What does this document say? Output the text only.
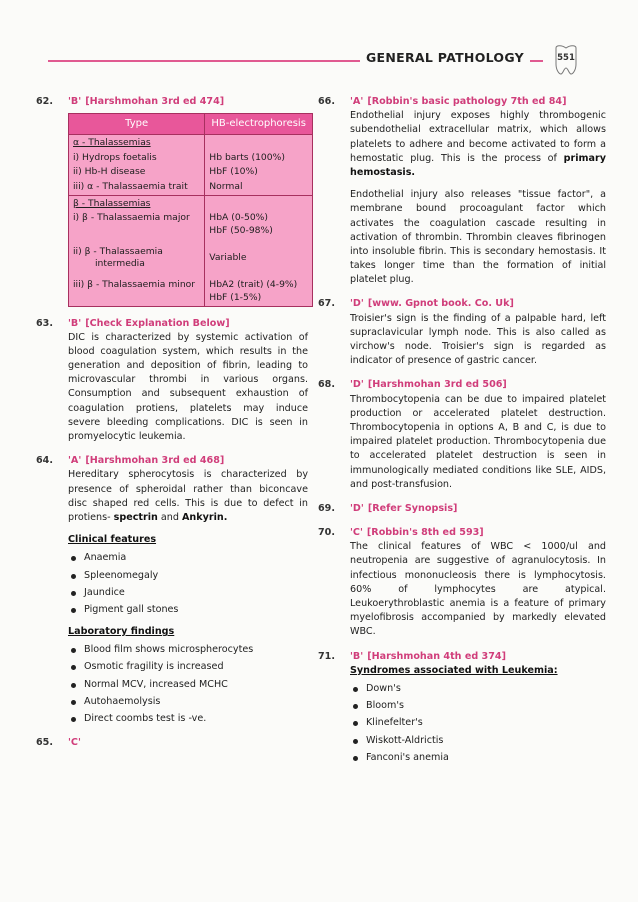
GENERAL PATHOLOGY	551
62.	'B' [Harshmohan 3rd ed 474]
Type	HB-electrophoresis
α - Thalassemias	
i) Hydrops foetalis	Hb barts (100%)
ii) Hb-H disease	HbF (10%)
iii) α - Thalassaemia trait	Normal
β - Thalassemias	
i) β - Thalassaemia major	HbA (0-50%)
HbF (50-98%)

ii) β - Thalassaemia
intermedia	Variable

iii) β - Thalassaemia minor	HbA2 (trait) (4-9%)
HbF (1-5%)
63.	'B' [Check Explanation Below]
DIC is characterized by systemic activation of blood coagulation system, which results in the generation and deposition of fibrin, leading to microvascular thrombi in various organs. Consumption and subsequent exhaustion of coagulation protiens, platelets may induce severe bleeding complications. DIC is seen in promyelocytic leukemia.
64.	'A' [Harshmohan 3rd ed 468]

Hereditary spherocytosis is characterized by presence of spheroidal rather than biconcave disc shaped red cells. This is due to defect in protiens- spectrin and Ankyrin.

Clinical features
Anaemia
Spleenomegaly
Jaundice
Pigment gall stones
Laboratory findings
Blood film shows microspherocytes
Osmotic fragility is increased
Normal MCV, increased MCHC
Autohaemolysis
Direct coombs test is -ve.
65.	'C'
66.	'A' [Robbin's basic pathology 7th ed 84]

Endothelial injury exposes highly thrombogenic subendothelial extracellular matrix, which allows platelets to adhere and become activated to form a hemostatic plug. This is the process of primary hemostasis.

Endothelial injury also releases "tissue factor", a membrane bound procoagulant factor which activates the coagulation cascade resulting in activation of thrombin. Thrombin cleaves fibrinogen into insoluble fibrin. This is secondary hemostasis. It takes longer time than the formation of initial platelet plug.

67.	'D' [www. Gpnot book. Co. Uk]
Troisier's sign is the finding of a palpable hard, left supraclavicular lymph node. This is also called as virchow's node. Troisier's sign is regarded as indicator of presence of gastric cancer.
68.	'D' [Harshmohan 3rd ed 506]
Thrombocytopenia can be due to impaired platelet production or accelerated platelet destruction. Thrombocytopenia in options A, B and C, is due to impaired platelet production. Thrombocytopenia due to accelerated platelet destruction is seen in immunologically mediated conditions like SLE, AIDS, and post-transfusion.
69.	'D' [Refer Synopsis]
70.	'C' [Robbin's 8th ed 593]
The clinical features of WBC < 1000/ul and neutropenia are suggestive of agranulocytosis. In infectious mononucleosis there is lymphocytosis. 60% of lymphocytes are atypical. Leukoerythroblastic anemia is a feature of primary myelofibrosis accompanied by markedly elevated WBC.
71.	'B' [Harshmohan 4th ed 374]
Syndromes associated with Leukemia:
Down's
Bloom's
Klinefelter's
Wiskott-Aldrictis
Fanconi's anemia
